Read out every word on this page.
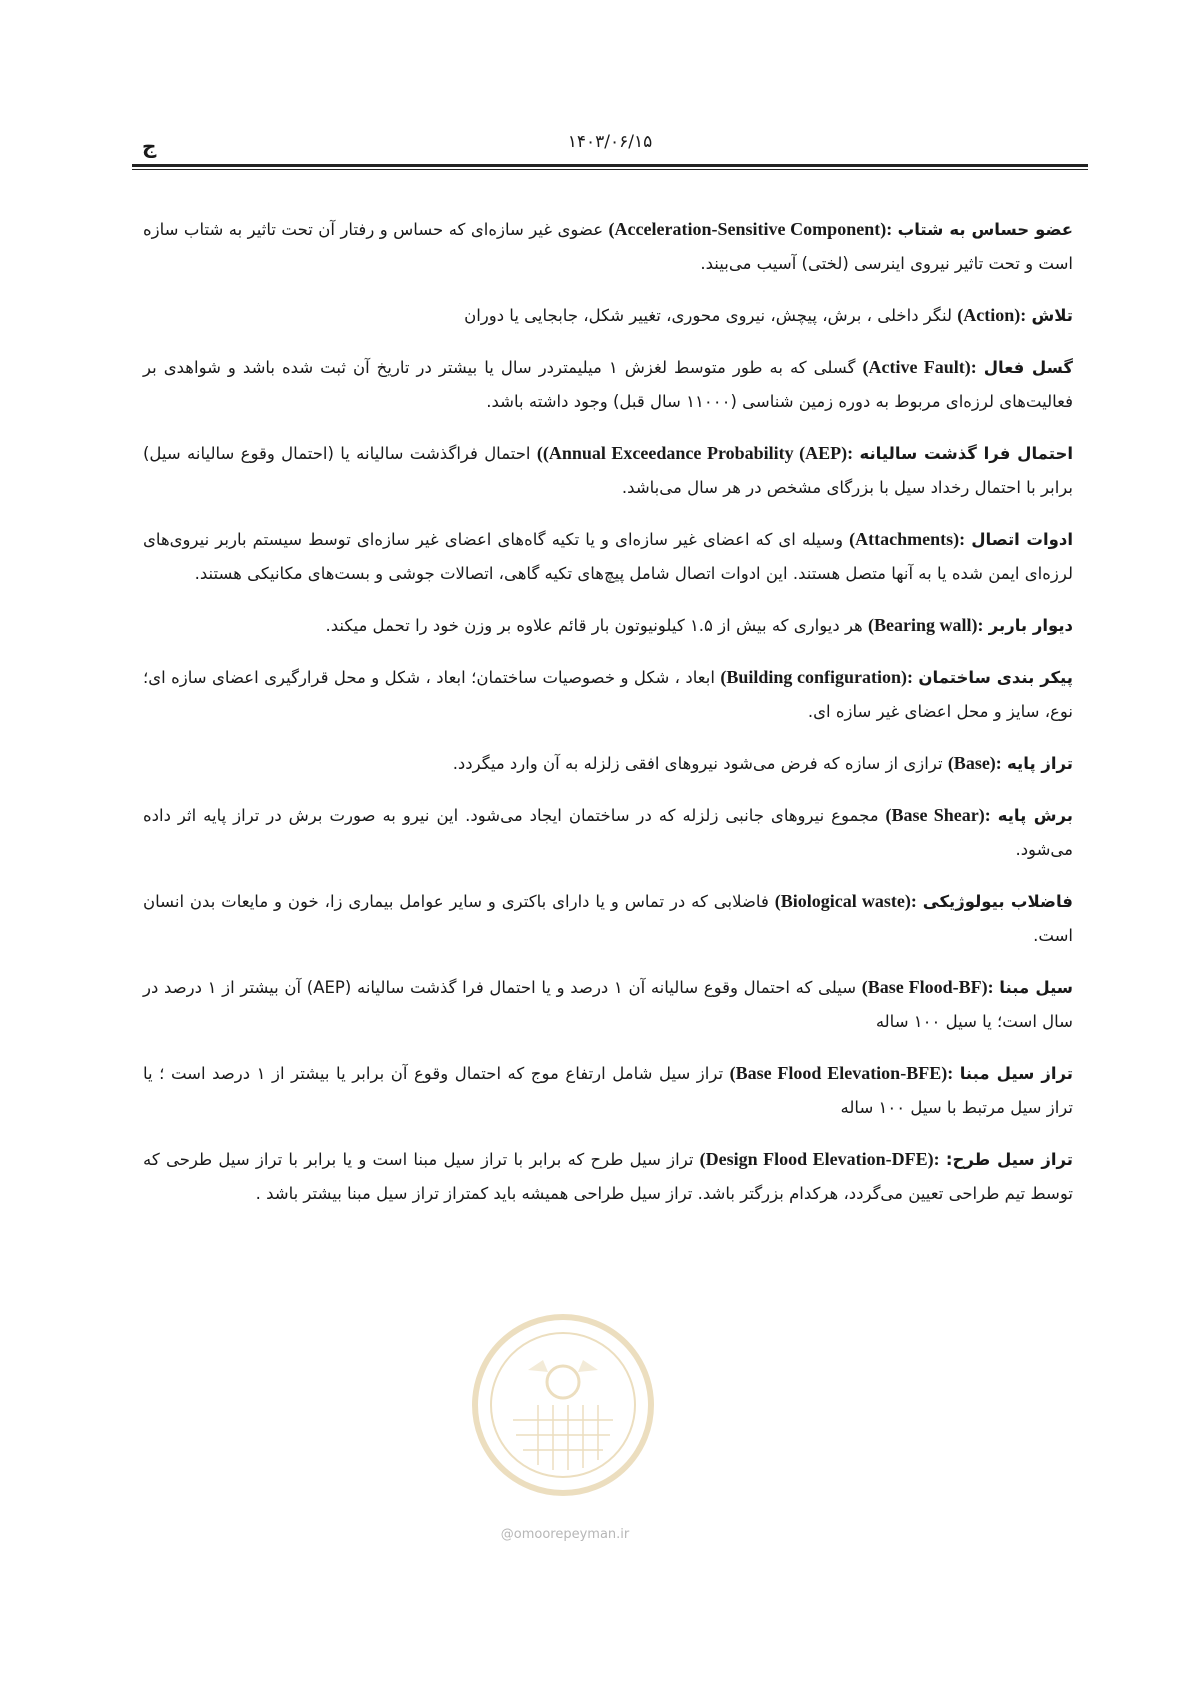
ج	۱۴۰۳/۰۶/۱۵

عضو حساس به شتاب (Acceleration-Sensitive Component): عضوی غیر سازه‌ای که حساس و رفتار آن تحت تاثیر به شتاب سازه است و تحت تاثیر نیروی اینرسی (لختی) آسیب می‌بیند.

تلاش (Action): لنگر داخلی ، برش، پیچش، نیروی محوری، تغییر شکل، جابجایی یا دوران

گسل فعال (Active Fault): گسلی که به طور متوسط لغزش ۱ میلیمتردر سال یا بیشتر در تاریخ آن ثبت شده باشد و شواهدی بر فعالیت‌های لرزه‌ای مربوط به دوره زمین شناسی (۱۱۰۰۰ سال قبل) وجود داشته باشد.

احتمال فرا گذشت سالیانه ((Annual Exceedance Probability (AEP): احتمال فراگذشت سالیانه یا (احتمال وقوع سالیانه سیل) برابر با احتمال رخداد سیل با بزرگای مشخص در هر سال می‌باشد.

ادوات اتصال (Attachments): وسیله ای که اعضای غیر سازه‌ای و یا تکیه گاه‌های اعضای غیر سازه‌ای توسط سیستم باربر نیروی‌های لرزه‌ای ایمن شده یا به آنها متصل هستند. این ادوات اتصال شامل پیچ‌های تکیه گاهی، اتصالات جوشی و بست‌های مکانیکی هستند.

دیوار باربر (Bearing wall): هر دیواری که بیش از ۱.۵ کیلونیوتون بار قائم علاوه بر وزن خود را تحمل میکند.

پیکر بندی ساختمان (Building configuration): ابعاد ، شکل و خصوصیات ساختمان؛ ابعاد ، شکل و محل قرارگیری اعضای سازه ای؛ نوع، سایز و محل اعضای غیر سازه ای.

تراز پایه (Base): ترازی از سازه که فرض می‌شود نیروهای افقی زلزله به آن وارد میگردد.

برش پایه (Base Shear): مجموع نیروهای جانبی زلزله که در ساختمان ایجاد می‌شود. این نیرو به صورت برش در تراز پایه اثر داده می‌شود.

فاضلاب بیولوژیکی (Biological waste): فاضلابی که در تماس و یا دارای باکتری و سایر عوامل بیماری زا، خون و مایعات بدن انسان است.

سیل مبنا (Base Flood-BF): سیلی که احتمال وقوع سالیانه آن ۱ درصد و یا احتمال فرا گذشت سالیانه (AEP) آن بیشتر از ۱ درصد در سال است؛ یا سیل ۱۰۰ ساله

تراز سیل مبنا (Base Flood Elevation-BFE): تراز سیل شامل ارتفاع موج که احتمال وقوع آن برابر یا بیشتر از ۱ درصد است ؛ یا تراز سیل مرتبط با سیل ۱۰۰ ساله

تراز سیل طرح: (Design Flood Elevation-DFE): تراز سیل طرح که برابر با تراز سیل مبنا است و یا برابر با تراز سیل طرحی که توسط تیم طراحی تعیین می‌گردد، هرکدام بزرگتر باشد. تراز سیل طراحی همیشه باید کمتراز تراز سیل مبنا بیشتر باشد .

@omoorepeyman.ir
